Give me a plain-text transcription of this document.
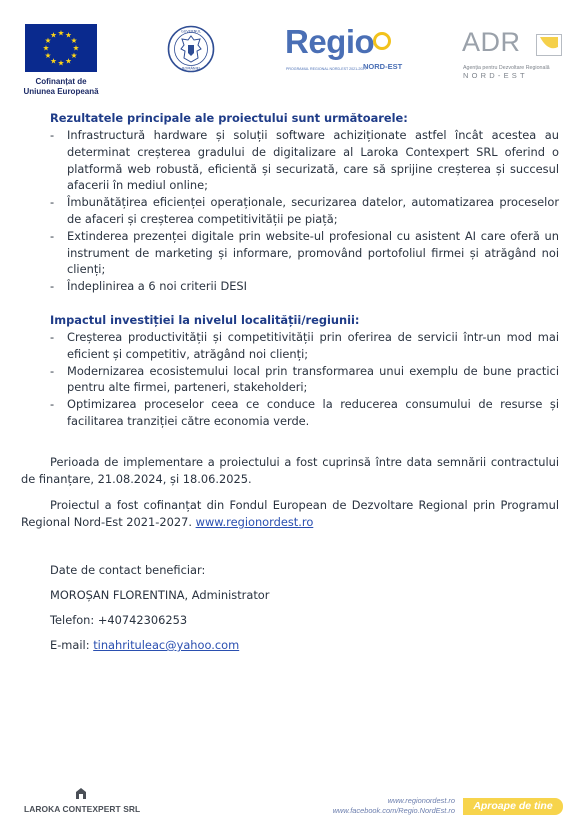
★ ★
★
★
★
★
★
★
★
★
★
★
Cofinanțat de
Uniunea Europeană
GUVERNUL
ROMÂNIEI
Regio
PROGRAMUL REGIONAL NORD-EST 2021-2027
NORD-EST
ADR
Agenția pentru Dezvoltare Regională
NORD-EST
Rezultatele principale ale proiectului sunt următoarele:
- Infrastructură hardware și soluții software achiziționate astfel încât acestea au determinat creșterea gradului de digitalizare al Laroka Contexpert SRL oferind o platformă web robustă, eficientă și securizată, care să sprijine creșterea și succesul afacerii în mediul online;
- Îmbunătățirea eficienței operaționale, securizarea datelor, automatizarea proceselor de afaceri și creșterea competitivității pe piață;
- Extinderea prezenței digitale prin website-ul profesional cu asistent AI care oferă un instrument de marketing și informare, promovând portofoliul firmei și atrăgând noi clienți;
- Îndeplinirea a 6 noi criterii DESI
Impactul investiției la nivelul localității/regiunii:
- Creșterea productivității și competitivității prin oferirea de servicii într-un mod mai eficient și competitiv, atrăgând noi clienți;
- Modernizarea ecosistemului local prin transformarea unui exemplu de bune practici pentru alte firmei, parteneri, stakeholderi;
- Optimizarea proceselor ceea ce conduce la reducerea consumului de resurse și facilitarea tranziției către economia verde.

Perioada de implementare a proiectului a fost cuprinsă între data semnării contractului de finanțare, 21.08.2024, și 18.06.2025.

Proiectul a fost cofinanțat din Fondul European de Dezvoltare Regional prin Programul Regional Nord-Est 2021-2027. www.regionordest.ro

Date de contact beneficiar:
MOROȘAN FLORENTINA, Administrator
Telefon: +40742306253
E-mail: tinahrituleac@yahoo.com
LAROKA CONTEXPERT SRL
www.regionordest.ro
www.facebook.com/Regio.NordEst.ro	Aproape de tine
